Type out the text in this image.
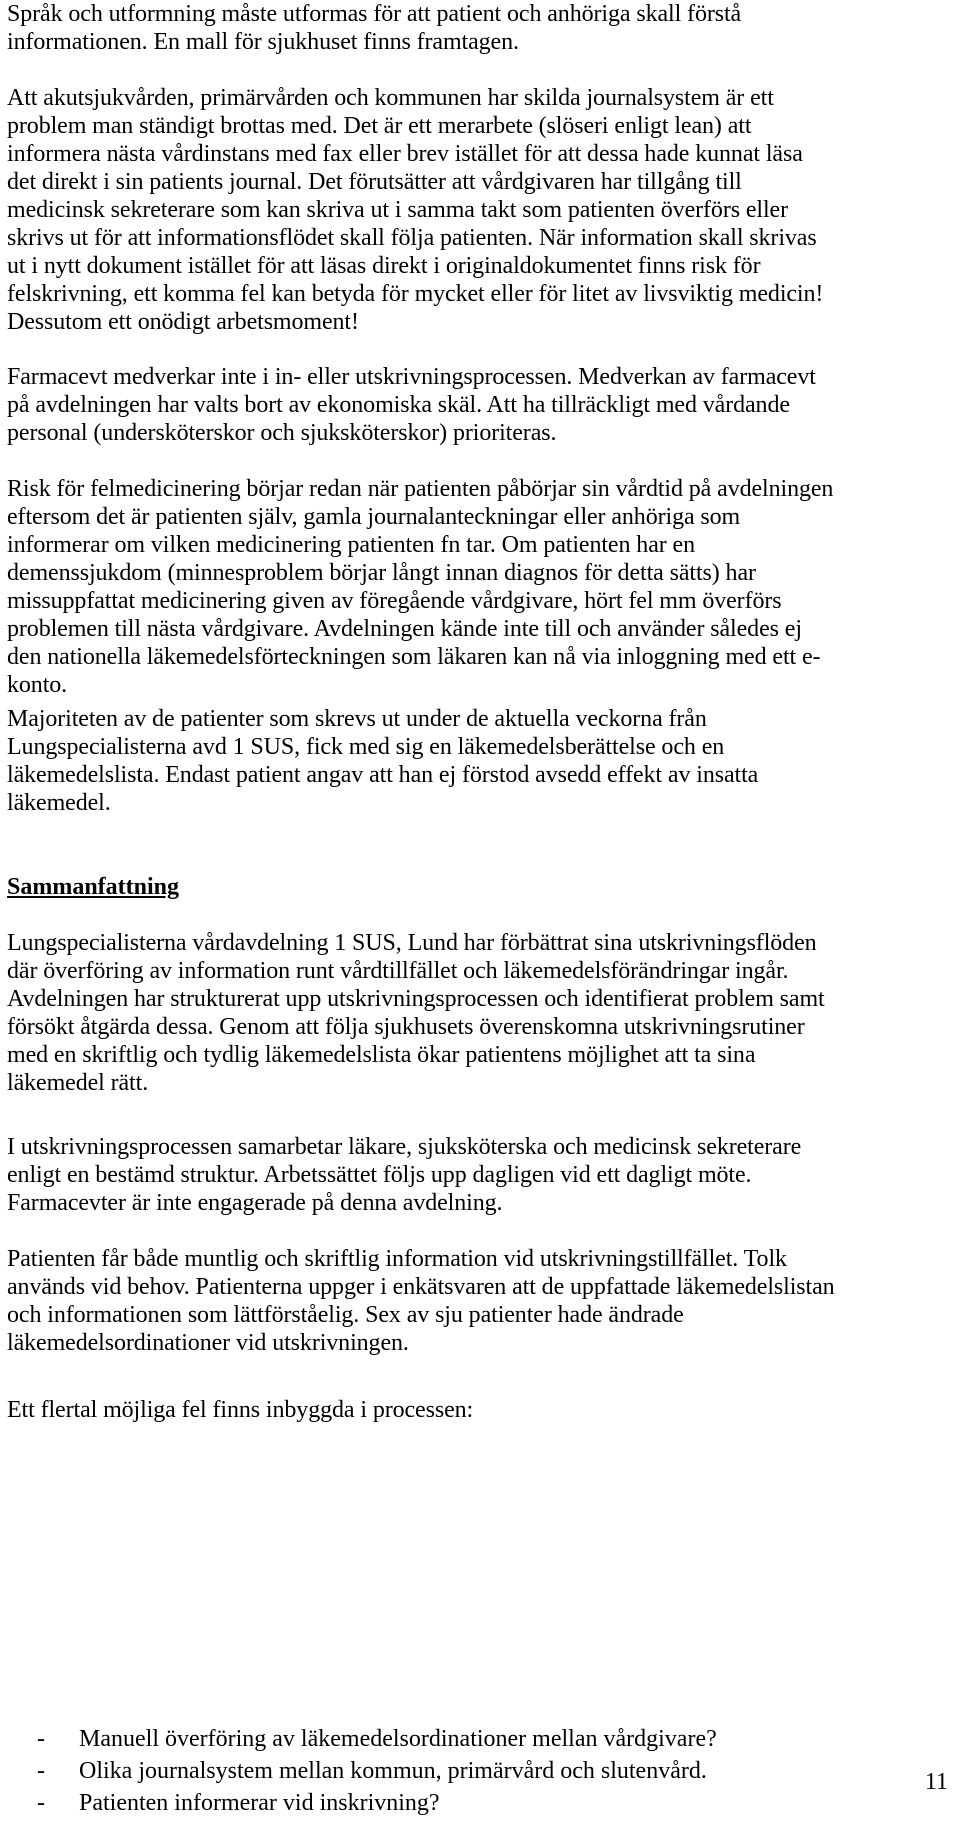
Språk och utformning måste utformas för att patient och anhöriga skall förstå informationen. En mall för sjukhuset finns framtagen.

Att akutsjukvården, primärvården och kommunen har skilda journalsystem är ett problem man ständigt brottas med. Det är ett merarbete (slöseri enligt lean) att informera nästa vårdinstans med fax eller brev istället för att dessa hade kunnat läsa det direkt i sin patients journal. Det förutsätter att vårdgivaren har tillgång till medicinsk sekreterare som kan skriva ut i samma takt som patienten överförs eller skrivs ut för att informationsflödet skall följa patienten. När information skall skrivas ut i nytt dokument istället för att läsas direkt i originaldokumentet finns risk för felskrivning, ett komma fel kan betyda för mycket eller för litet av livsviktig medicin! Dessutom ett onödigt arbetsmoment!

Farmacevt medverkar inte i in- eller utskrivningsprocessen. Medverkan av farmacevt på avdelningen har valts bort av ekonomiska skäl. Att ha tillräckligt med vårdande personal (undersköterskor och sjuksköterskor) prioriteras.

Risk för felmedicinering börjar redan när patienten påbörjar sin vårdtid på avdelningen eftersom det är patienten själv, gamla journalanteckningar eller anhöriga som informerar om vilken medicinering patienten fn tar. Om patienten har en demenssjukdom (minnesproblem börjar långt innan diagnos för detta sätts) har missuppfattat medicinering given av föregående vårdgivare, hört fel mm överförs problemen till nästa vårdgivare. Avdelningen kände inte till och använder således ej den nationella läkemedelsförteckningen som läkaren kan nå via inloggning med ett e-konto.

Majoriteten av de patienter som skrevs ut under de aktuella veckorna från Lungspecialisterna avd 1 SUS, fick med sig en läkemedelsberättelse och en läkemedelslista. Endast patient angav att han ej förstod avsedd effekt av insatta läkemedel.

Sammanfattning

Lungspecialisterna vårdavdelning 1 SUS, Lund har förbättrat sina utskrivningsflöden där överföring av information runt vårdtillfället och läkemedelsförändringar ingår. Avdelningen har strukturerat upp utskrivningsprocessen och identifierat problem samt försökt åtgärda dessa. Genom att följa sjukhusets överenskomna utskrivningsrutiner med en skriftlig och tydlig läkemedelslista ökar patientens möjlighet att ta sina läkemedel rätt.

I utskrivningsprocessen samarbetar läkare, sjuksköterska och medicinsk sekreterare enligt en bestämd struktur. Arbetssättet följs upp dagligen vid ett dagligt möte. Farmacevter är inte engagerade på denna avdelning.

Patienten får både muntlig och skriftlig information vid utskrivningstillfället. Tolk används vid behov. Patienterna uppger i enkätsvaren att de uppfattade läkemedelslistan och informationen som lättförståelig. Sex av sju patienter hade ändrade läkemedelsordinationer vid utskrivningen.

Ett flertal möjliga fel finns inbyggda i processen:

- Manuell överföring av läkemedelsordinationer mellan vårdgivare?
- Olika journalsystem mellan kommun, primärvård och slutenvård.
- Patienten informerar vid inskrivning?
11
